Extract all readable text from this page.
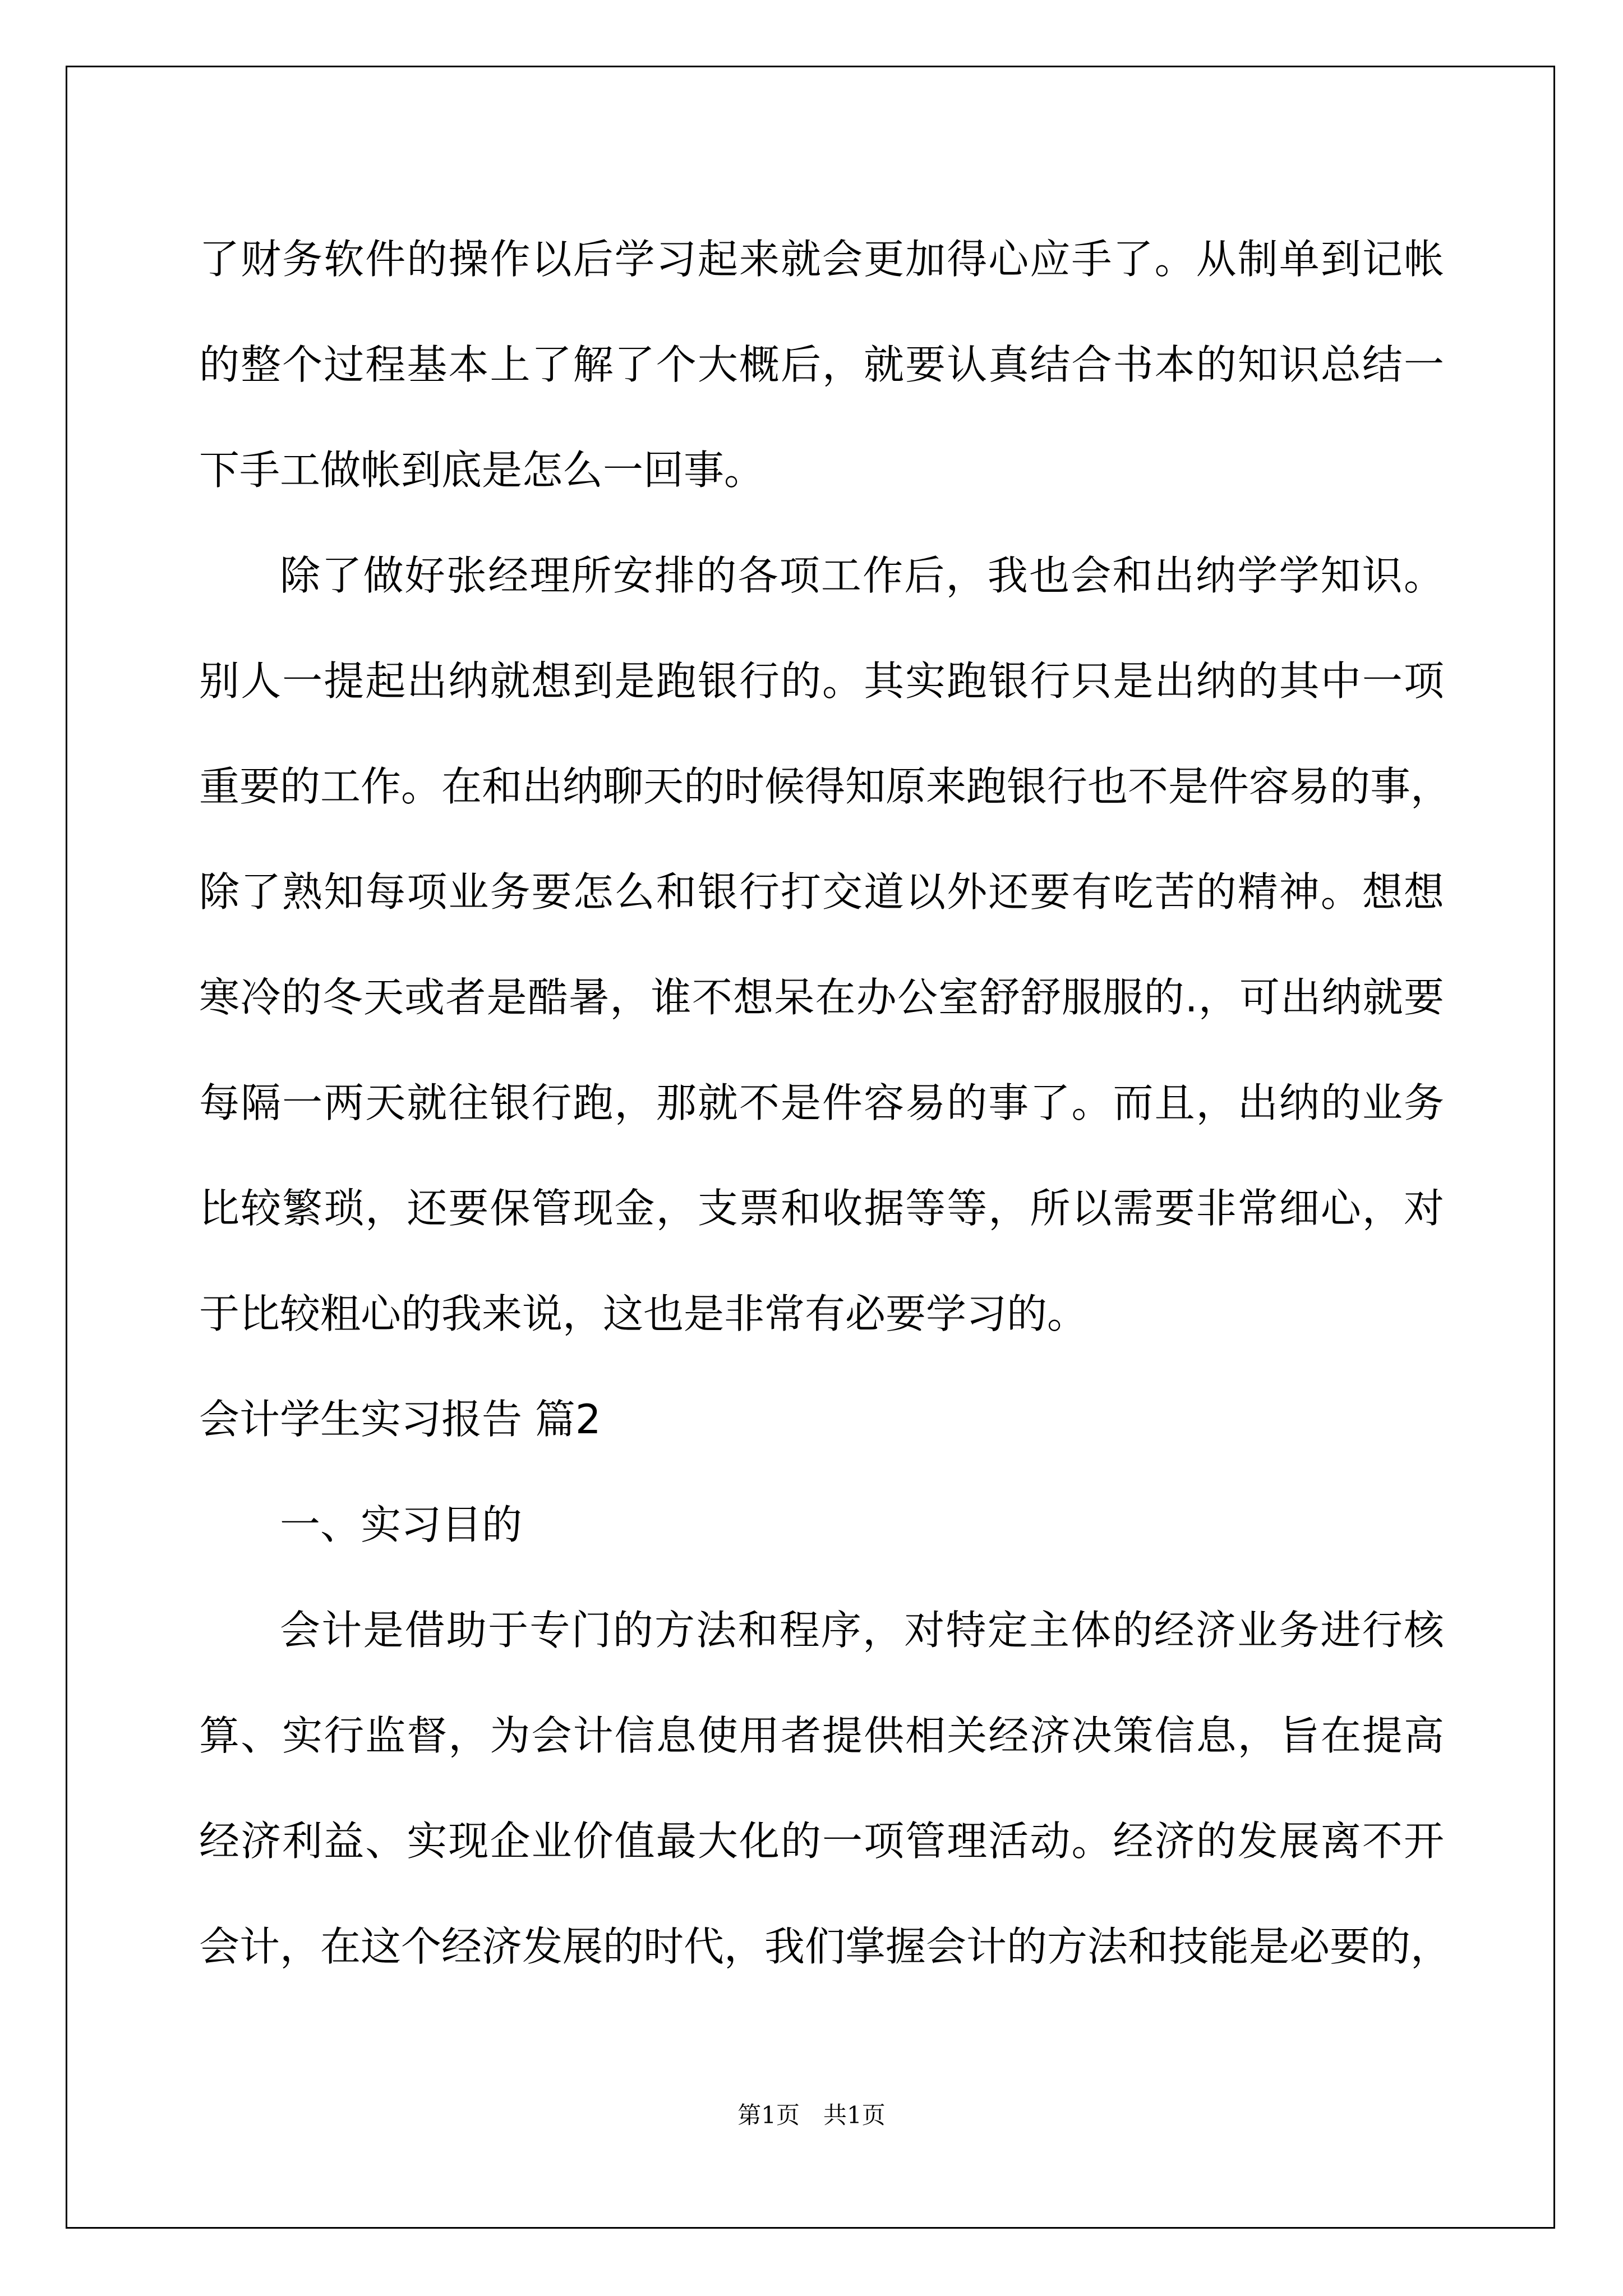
了财务软件的操作以后学习起来就会更加得心应手了。从制单到记帐
的整个过程基本上了解了个大概后，就要认真结合书本的知识总结一
下手工做帐到底是怎么一回事。
除了做好张经理所安排的各项工作后，我也会和出纳学学知识。
别人一提起出纳就想到是跑银行的。其实跑银行只是出纳的其中一项
重要的工作。在和出纳聊天的时候得知原来跑银行也不是件容易的事，
除了熟知每项业务要怎么和银行打交道以外还要有吃苦的精神。想想
寒冷的冬天或者是酷暑，谁不想呆在办公室舒舒服服的.，可出纳就要
每隔一两天就往银行跑，那就不是件容易的事了。而且，出纳的业务
比较繁琐，还要保管现金，支票和收据等等，所以需要非常细心，对
于比较粗心的我来说，这也是非常有必要学习的。
会计学生实习报告 篇2
一、实习目的
会计是借助于专门的方法和程序，对特定主体的经济业务进行核
算、实行监督，为会计信息使用者提供相关经济决策信息，旨在提高
经济利益、实现企业价值最大化的一项管理活动。经济的发展离不开
会计，在这个经济发展的时代，我们掌握会计的方法和技能是必要的，
第1页　共1页
